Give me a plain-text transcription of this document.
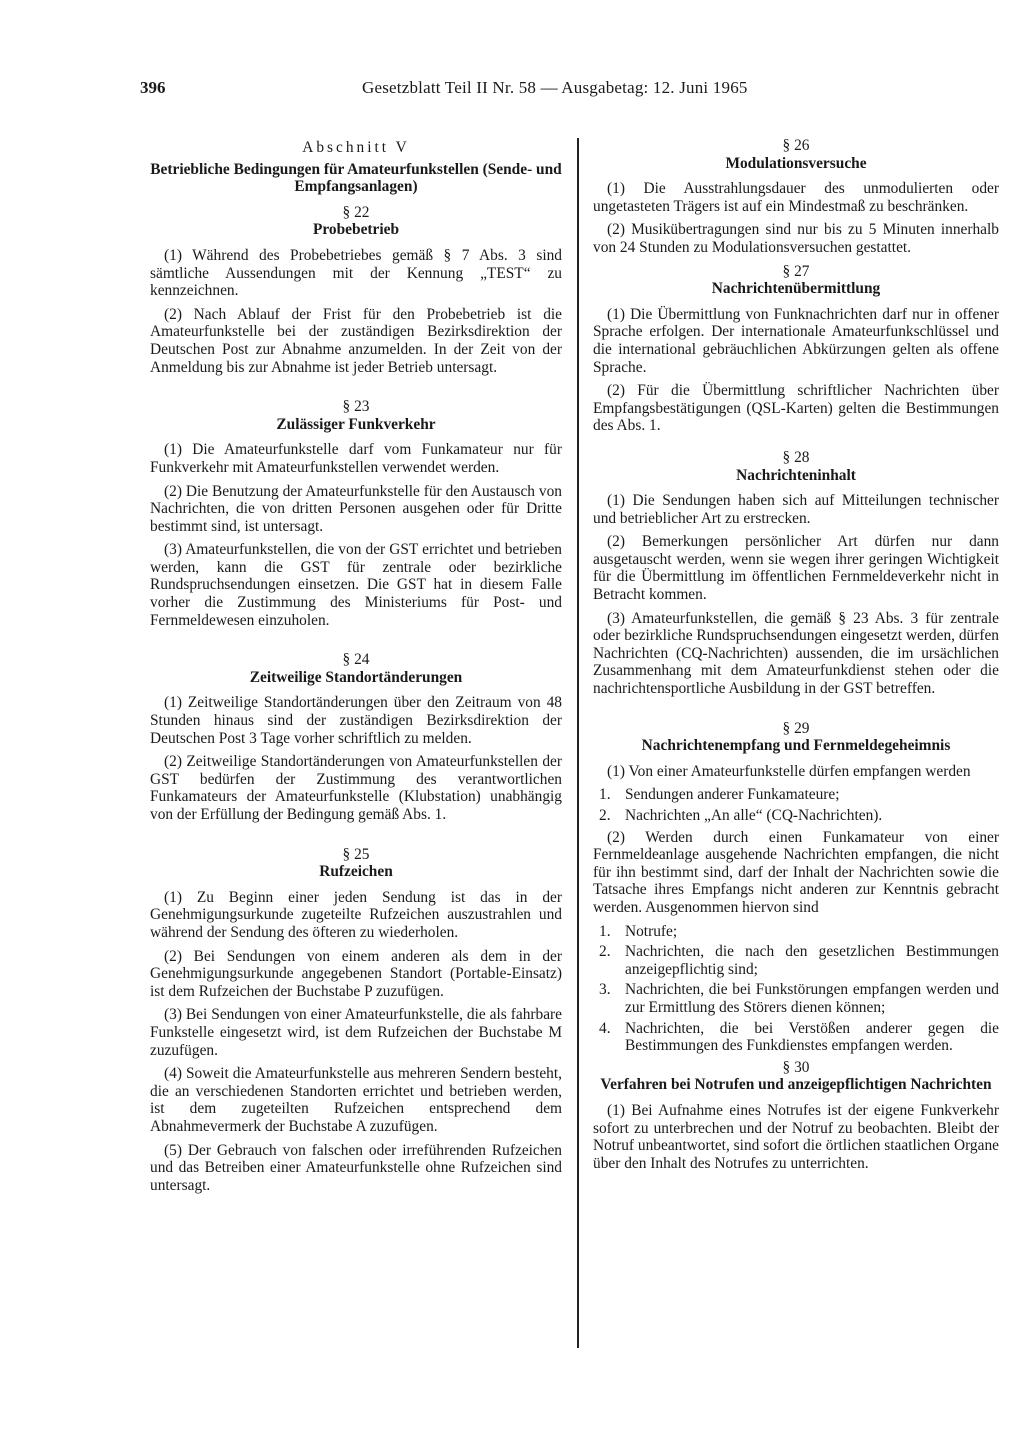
396	Gesetzblatt Teil II Nr. 58 — Ausgabetag: 12. Juni 1965
Abschnitt V
Betriebliche Bedingungen für Amateurfunkstellen (Sende- und Empfangsanlagen)
§ 22
Probebetrieb

(1) Während des Probebetriebes gemäß § 7 Abs. 3 sind sämtliche Aussendungen mit der Kennung „TEST“ zu kennzeichnen.

(2) Nach Ablauf der Frist für den Probebetrieb ist die Amateurfunkstelle bei der zuständigen Bezirksdirektion der Deutschen Post zur Abnahme anzumelden. In der Zeit von der Anmeldung bis zur Abnahme ist jeder Betrieb untersagt.

§ 23
Zulässiger Funkverkehr

(1) Die Amateurfunkstelle darf vom Funkamateur nur für Funkverkehr mit Amateurfunkstellen verwendet werden.

(2) Die Benutzung der Amateurfunkstelle für den Austausch von Nachrichten, die von dritten Personen ausgehen oder für Dritte bestimmt sind, ist untersagt.

(3) Amateurfunkstellen, die von der GST errichtet und betrieben werden, kann die GST für zentrale oder bezirkliche Rundspruchsendungen einsetzen. Die GST hat in diesem Falle vorher die Zustimmung des Ministeriums für Post- und Fernmeldewesen einzuholen.

§ 24
Zeitweilige Standortänderungen

(1) Zeitweilige Standortänderungen über den Zeitraum von 48 Stunden hinaus sind der zuständigen Bezirksdirektion der Deutschen Post 3 Tage vorher schriftlich zu melden.

(2) Zeitweilige Standortänderungen von Amateurfunkstellen der GST bedürfen der Zustimmung des verantwortlichen Funkamateurs der Amateurfunkstelle (Klubstation) unabhängig von der Erfüllung der Bedingung gemäß Abs. 1.

§ 25
Rufzeichen

(1) Zu Beginn einer jeden Sendung ist das in der Genehmigungsurkunde zugeteilte Rufzeichen auszustrahlen und während der Sendung des öfteren zu wiederholen.

(2) Bei Sendungen von einem anderen als dem in der Genehmigungsurkunde angegebenen Standort (Portable-Einsatz) ist dem Rufzeichen der Buchstabe P zuzufügen.

(3) Bei Sendungen von einer Amateurfunkstelle, die als fahrbare Funkstelle eingesetzt wird, ist dem Rufzeichen der Buchstabe M zuzufügen.

(4) Soweit die Amateurfunkstelle aus mehreren Sendern besteht, die an verschiedenen Standorten errichtet und betrieben werden, ist dem zugeteilten Rufzeichen entsprechend dem Abnahmevermerk der Buchstabe A zuzufügen.

(5) Der Gebrauch von falschen oder irreführenden Rufzeichen und das Betreiben einer Amateurfunkstelle ohne Rufzeichen sind untersagt.

§ 26
Modulationsversuche

(1) Die Ausstrahlungsdauer des unmodulierten oder ungetasteten Trägers ist auf ein Mindestmaß zu beschränken.

(2) Musikübertragungen sind nur bis zu 5 Minuten innerhalb von 24 Stunden zu Modulationsversuchen gestattet.

§ 27
Nachrichtenübermittlung

(1) Die Übermittlung von Funknachrichten darf nur in offener Sprache erfolgen. Der internationale Amateurfunkschlüssel und die international gebräuchlichen Abkürzungen gelten als offene Sprache.

(2) Für die Übermittlung schriftlicher Nachrichten über Empfangsbestätigungen (QSL-Karten) gelten die Bestimmungen des Abs. 1.

§ 28
Nachrichteninhalt

(1) Die Sendungen haben sich auf Mitteilungen technischer und betrieblicher Art zu erstrecken.

(2) Bemerkungen persönlicher Art dürfen nur dann ausgetauscht werden, wenn sie wegen ihrer geringen Wichtigkeit für die Übermittlung im öffentlichen Fernmeldeverkehr nicht in Betracht kommen.

(3) Amateurfunkstellen, die gemäß § 23 Abs. 3 für zentrale oder bezirkliche Rundspruchsendungen eingesetzt werden, dürfen Nachrichten (CQ-Nachrichten) aussenden, die im ursächlichen Zusammenhang mit dem Amateurfunkdienst stehen oder die nachrichtensportliche Ausbildung in der GST betreffen.

§ 29
Nachrichtenempfang und Fernmeldegeheimnis

(1) Von einer Amateurfunkstelle dürfen empfangen werden

1. Sendungen anderer Funkamateure;
2. Nachrichten „An alle“ (CQ-Nachrichten).

(2) Werden durch einen Funkamateur von einer Fernmeldeanlage ausgehende Nachrichten empfangen, die nicht für ihn bestimmt sind, darf der Inhalt der Nachrichten sowie die Tatsache ihres Empfangs nicht anderen zur Kenntnis gebracht werden. Ausgenommen hiervon sind

1. Notrufe;
2. Nachrichten, die nach den gesetzlichen Bestimmungen anzeigepflichtig sind;
3. Nachrichten, die bei Funkstörungen empfangen werden und zur Ermittlung des Störers dienen können;
4. Nachrichten, die bei Verstößen anderer gegen die Bestimmungen des Funkdienstes empfangen werden.
§ 30
Verfahren bei Notrufen und anzeigepflichtigen Nachrichten

(1) Bei Aufnahme eines Notrufes ist der eigene Funkverkehr sofort zu unterbrechen und der Notruf zu beobachten. Bleibt der Notruf unbeantwortet, sind sofort die örtlichen staatlichen Organe über den Inhalt des Notrufes zu unterrichten.
